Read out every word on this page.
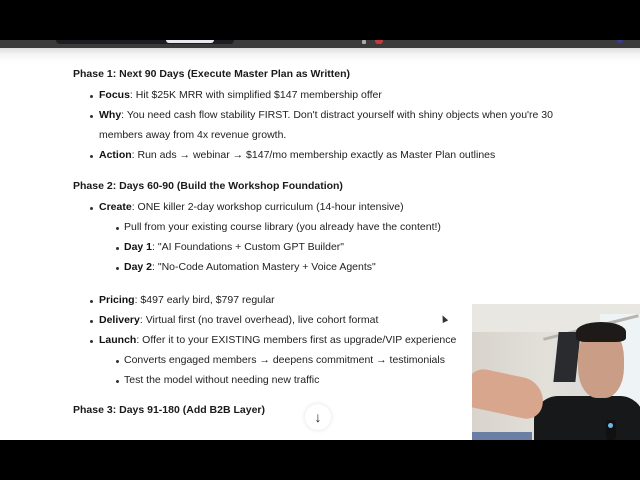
Phase 1: Next 90 Days (Execute Master Plan as Written)
Focus: Hit $25K MRR with simplified $147 membership offer
Why: You need cash flow stability FIRST. Don't distract yourself with shiny objects when you're 30
members away from 4x revenue growth.
Action: Run ads → webinar → $147/mo membership exactly as Master Plan outlines
Phase 2: Days 60-90 (Build the Workshop Foundation)
Create: ONE killer 2-day workshop curriculum (14-hour intensive)
Pull from your existing course library (you already have the content!)
Day 1: "AI Foundations + Custom GPT Builder"
Day 2: "No-Code Automation Mastery + Voice Agents"
Pricing: $497 early bird, $797 regular
Delivery: Virtual first (no travel overhead), live cohort format
Launch: Offer it to your EXISTING members first as upgrade/VIP experience
Converts engaged members → deepens commitment → testimonials
Test the model without needing new traffic
Phase 3: Days 91-180 (Add B2B Layer)	↓
